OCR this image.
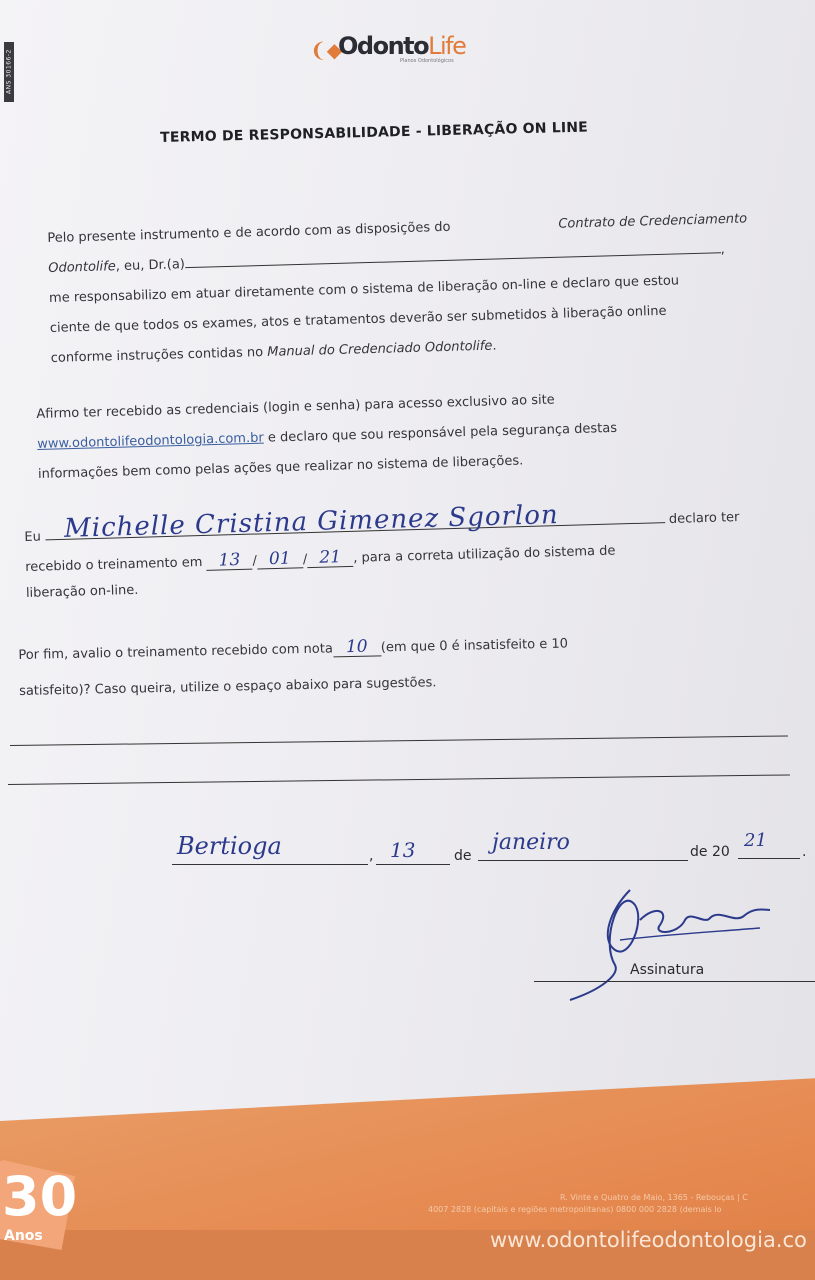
ANS 30166-2	❨◆
OdontoLife
Planos Odontológicos
TERMO DE RESPONSABILIDADE - LIBERAÇÃO ON LINE
Pelo presente instrumento e de acordo com as disposições do	Contrato de Credenciamento
Odontolife, eu, Dr.(a),
me responsabilizo em atuar diretamente com o sistema de liberação on-line e declaro que estou
ciente de que todos os exames, atos e tratamentos deverão ser submetidos à liberação online
conforme instruções contidas no Manual do Credenciado Odontolife.
Afirmo ter recebido as credenciais (login e senha) para acesso exclusivo ao site
www.odontolifeodontologia.com.br e declaro que sou responsável pela segurança destas
informações bem como pelas ações que realizar no sistema de liberações.
Eu  declaro ter
Michelle Cristina Gimenez Sgorlon
recebido o treinamento em 13 / 01 / 21 , para a correta utilização do sistema de
liberação on-line.
Por fim, avalio o treinamento recebido com nota 10 (em que 0 é insatisfeito e 10
satisfeito)? Caso queira, utilize o espaço abaixo para sugestões.
Bertioga	, 13	de
janeiro	de 20
21
.
Assinatura
30
Anos
R. Vinte e Quatro de Maio, 1365 - Rebouças | C
4007 2828 (capitais e regiões metropolitanas) 0800 000 2828 (demais lo
www.odontolifeodontologia.co
